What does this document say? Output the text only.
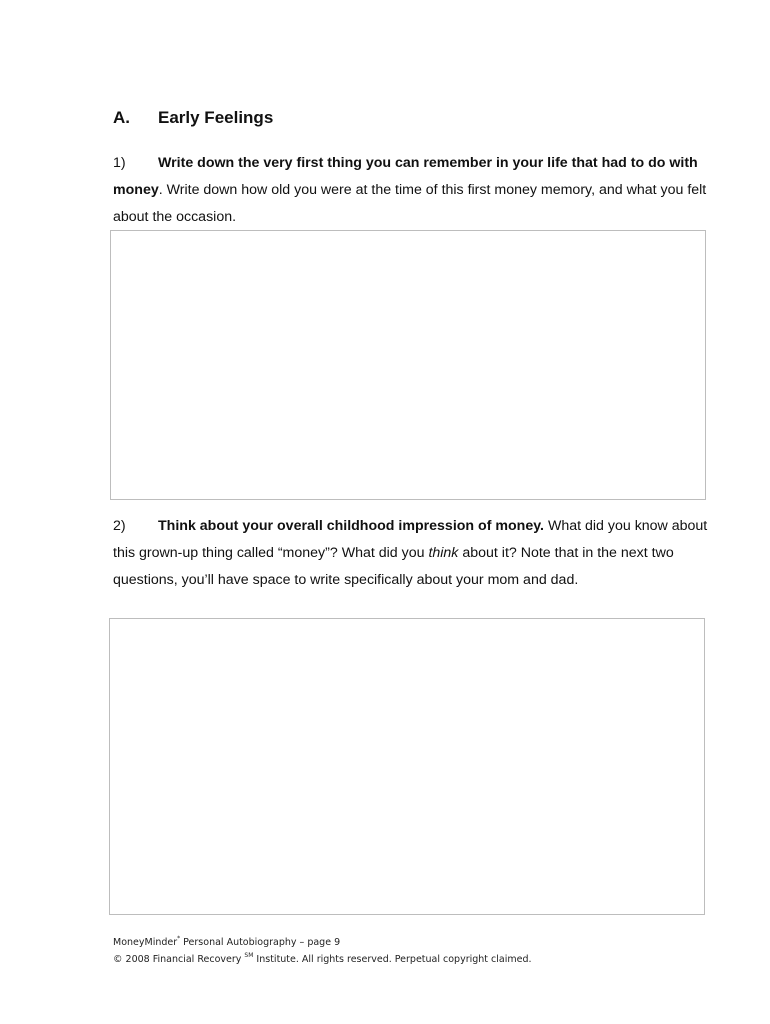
A. Early Feelings
1) Write down the very first thing you can remember in your life that had to do with money. Write down how old you were at the time of this first money memory, and what you felt about the occasion.
2) Think about your overall childhood impression of money. What did you know about this grown-up thing called “money”? What did you think about it? Note that in the next two questions, you’ll have space to write specifically about your mom and dad.
MoneyMinder* Personal Autobiography – page 9
© 2008 Financial Recovery ℠ Institute. All rights reserved. Perpetual copyright claimed.
